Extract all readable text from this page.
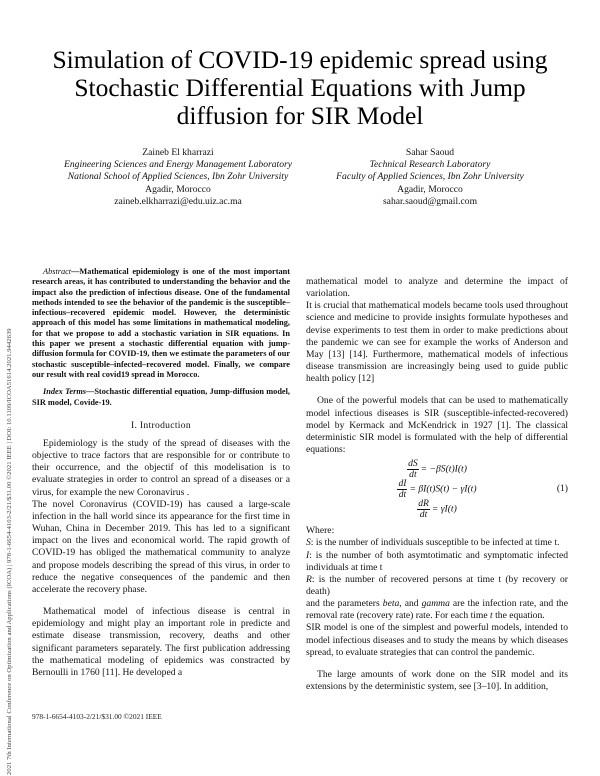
2021 7th International Conference on Optimization and Applications (ICOA) | 978-1-6654-4103-2/21/$31.00 ©2021 IEEE | DOI: 10.1109/ICOA51614.2021.9442639
Simulation of COVID-19 epidemic spread using
Stochastic Differential Equations with Jump
diffusion for SIR Model
Zaineb El kharrazi
Engineering Sciences and Energy Management Laboratory
National School of Applied Sciences, Ibn Zohr University
Agadir, Morocco
zaineb.elkharrazi@edu.uiz.ac.ma
Sahar Saoud
Technical Research Laboratory
Faculty of Applied Sciences, Ibn Zohr University
Agadir, Morocco
sahar.saoud@gmail.com

Abstract—Mathematical epidemiology is one of the most important research areas, it has contributed to understanding the behavior and the impact also the prediction of infectious disease. One of the fundamental methods intended to see the behavior of the pandemic is the susceptible–infectious–recovered epidemic model. However, the deterministic approach of this model has some limitations in mathematical modeling, for that we propose to add a stochastic variation in SIR equations. In this paper we present a stochastic differential equation with jump-diffusion formula for COVID-19, then we estimate the parameters of our stochastic susceptible–infected–recovered model. Finally, we compare our result with real covid19 spread in Morocco.

Index Terms—Stochastic differential equation, Jump-diffusion model, SIR model, Covide-19.

I. Introduction

Epidemiology is the study of the spread of diseases with the objective to trace factors that are responsible for or contribute to their occurrence, and the objectif of this modelisation is to evaluate strategies in order to control an spread of a diseases or a virus, for example the new Coronavirus .

The novel Coronavirus (COVID-19) has caused a large-scale infection in the hall world since its appearance for the first time in Wuhan, China in December 2019. This has led to a significant impact on the lives and economical world. The rapid growth of COVID-19 has obliged the mathematical community to analyze and propose models describing the spread of this virus, in order to reduce the negative consequences of the pandemic and then accelerate the recovery phase.

Mathematical model of infectious disease is central in epidemiology and might play an important role in predicte and estimate disease transmission, recovery, deaths and other significant parameters separately. The first publication addressing the mathematical modeling of epidemics was constracted by Bernoulli in 1760 [11]. He developed a

mathematical model to analyze and determine the impact of variolation.

It is crucial that mathematical models became tools used throughout science and medicine to provide insights formulate hypotheses and devise experiments to test them in order to make predictions about the pandemic we can see for example the works of Anderson and May [13] [14]. Furthermore, mathematical models of infectious disease transmission are increasingly being used to guide public health policy [12]

One of the powerful models that can be used to mathematically model infectious diseases is SIR (susceptible-infected-recovered) model by Kermack and McKendrick in 1927 [1]. The classical deterministic SIR model is formulated with the help of differential equations:

$\frac{dS}{dt} = -\beta S(t)I(t)$
$\frac{dI}{dt} = \beta I(t)S(t) - \gamma I(t)$
$\frac{dR}{dt} = \gamma I(t)$
(1)

Where:

S: is the number of individuals susceptible to be infected at time t.

I: is the number of both asymtotimatic and symptomatic infected individuals at time t

R: is the number of recovered persons at time t (by recovery or death)

and the parameters beta, and gamma are the infection rate, and the removal rate (recovery rate) rate. For each time t the equation.

SIR model is one of the simplest and powerful models, intended to model infectious diseases and to study the means by which diseases spread, to evaluate strategies that can control the pandemic.

The large amounts of work done on the SIR model and its extensions by the deterministic system, see [3–10]. In addition,

978-1-6654-4103-2/21/$31.00 ©2021 IEEE
